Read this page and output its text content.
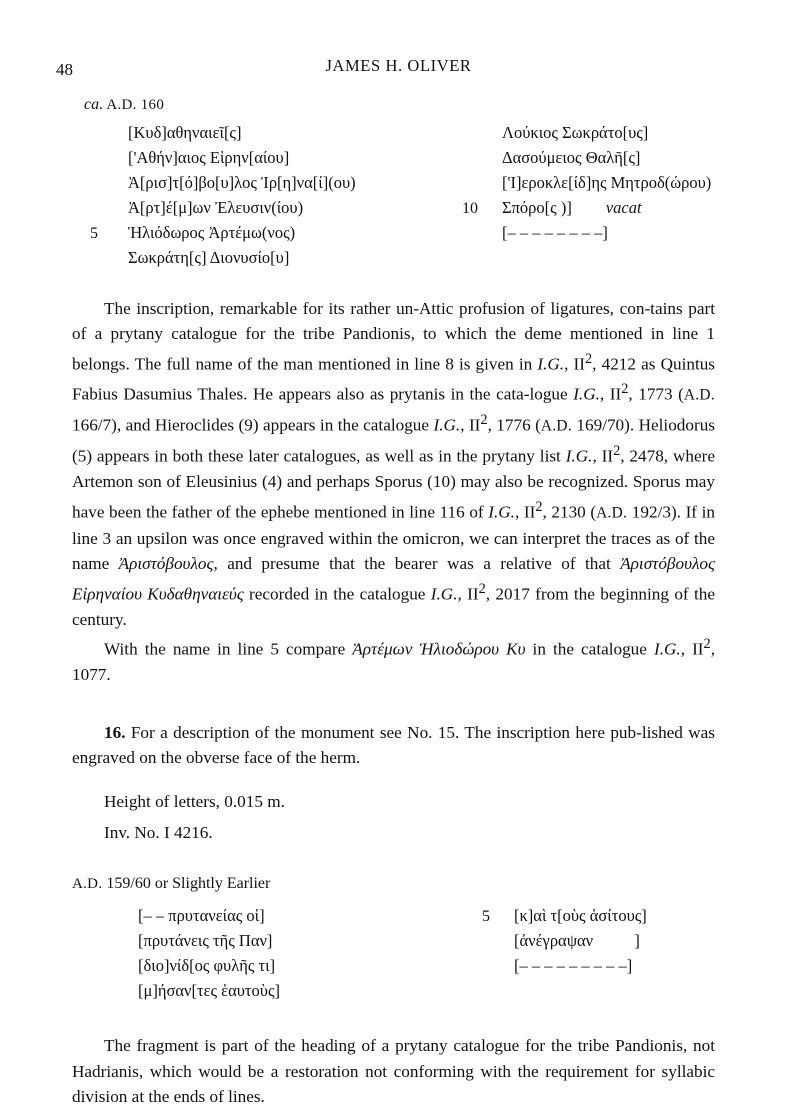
48	JAMES H. OLIVER
ca. A.D. 160
[Κυδ]αθηναιεῖ[ς]	Λούκιος Σωκράτο[υς]
['Αθήν]αιος Εἰρην[αίου]	Δασούμειος Θαλῆ[ς]
Ἀ[ρισ]τ[ό]βο[υ]λος Ἰρ[η]να[ί](ου)	['Ι]εροκλε[ίδ]ης Μητροδ(ώρου)
Ἀ[ρτ]έ[μ]ων Ἐλευσιν(ίου)	10	Σπόρο[ς )] vacat
5	Ἡλιόδωρος Ἀρτέμω(νος)	[– – – – – – – –]
Σωκράτη[ς] Διονυσίο[υ]

The inscription, remarkable for its rather un-Attic profusion of ligatures, con-tains part of a prytany catalogue for the tribe Pandionis, to which the deme mentioned in line 1 belongs. The full name of the man mentioned in line 8 is given in I.G., $II^2$, 4212 as Quintus Fabius Dasumius Thales. He appears also as prytanis in the cata-logue I.G., $II^2$, 1773 (A.D. 166/7), and Hieroclides (9) appears in the catalogue I.G., $II^2$, 1776 (A.D. 169/70). Heliodorus (5) appears in both these later catalogues, as well as in the prytany list I.G., $II^2$, 2478, where Artemon son of Eleusinius (4) and perhaps Sporus (10) may also be recognized. Sporus may have been the father of the ephebe mentioned in line 116 of I.G., $II^2$, 2130 (A.D. 192/3). If in line 3 an upsilon was once engraved within the omicron, we can interpret the traces as of the name Ἀριστόβουλος, and presume that the bearer was a relative of that Ἀριστόβουλος Εἰρηναίου Κυδαθηναιεύς recorded in the catalogue I.G., $II^2$, 2017 from the beginning of the century.

With the name in line 5 compare Ἀρτέμων Ἡλιοδώρου Κυ in the catalogue I.G., $II^2$, 1077.

16. For a description of the monument see No. 15. The inscription here pub-lished was engraved on the obverse face of the herm.

Height of letters, 0.015 m.

Inv. No. I 4216.

A.D. 159/60 or Slightly Earlier
[– – πρυτανείας οἱ]	5	[κ]αὶ τ[οὺς ἀσίτους]
[πρυτάνεις τῆς Παν]	[ἀνέγραψαν          ]
[διο]νίδ[ος φυλῆς τι]	[– – – – – – – – –]
[μ]ήσαν[τες ἑαυτοὺς]

The fragment is part of the heading of a prytany catalogue for the tribe Pandionis, not Hadrianis, which would be a restoration not conforming with the requirement for syllabic division at the ends of lines.
